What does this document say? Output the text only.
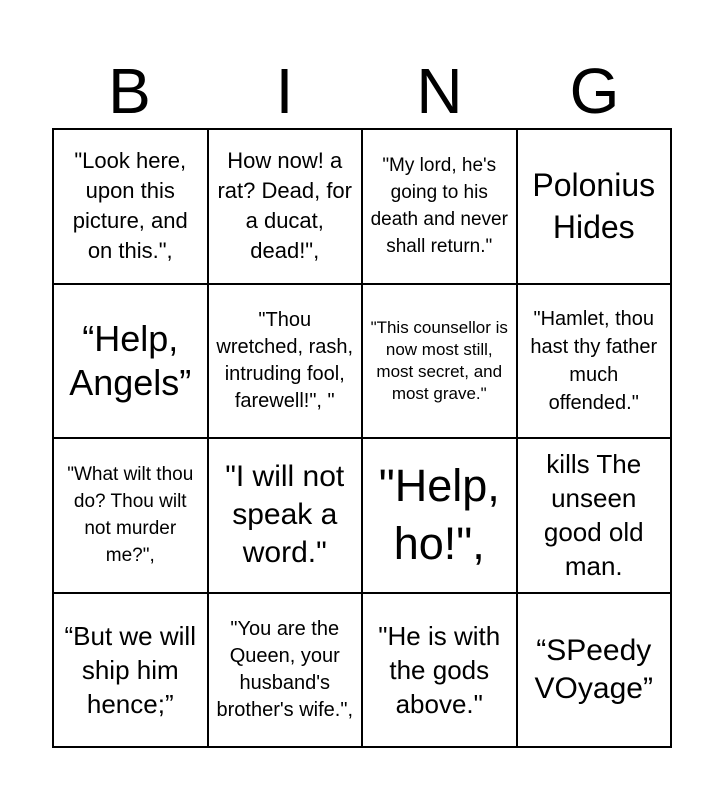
B	I	N	G
"Look here, upon this picture, and on this.",
How now! a rat? Dead, for a ducat, dead!",
"My lord, he's going to his death and never shall return."
Polonius Hides
“Help, Angels”
"Thou wretched, rash, intruding fool, farewell!", "
"This counsellor is now most still, most secret, and most grave."
"Hamlet, thou hast thy father much offended."
"What wilt thou do? Thou wilt not murder me?",
"I will not speak a word."
"Help, ho!",
kills The unseen good old man.
“But we will ship him hence;”
"You are the Queen, your husband's brother's wife.",
"He is with the gods above."
“SPeedy VOyage”
